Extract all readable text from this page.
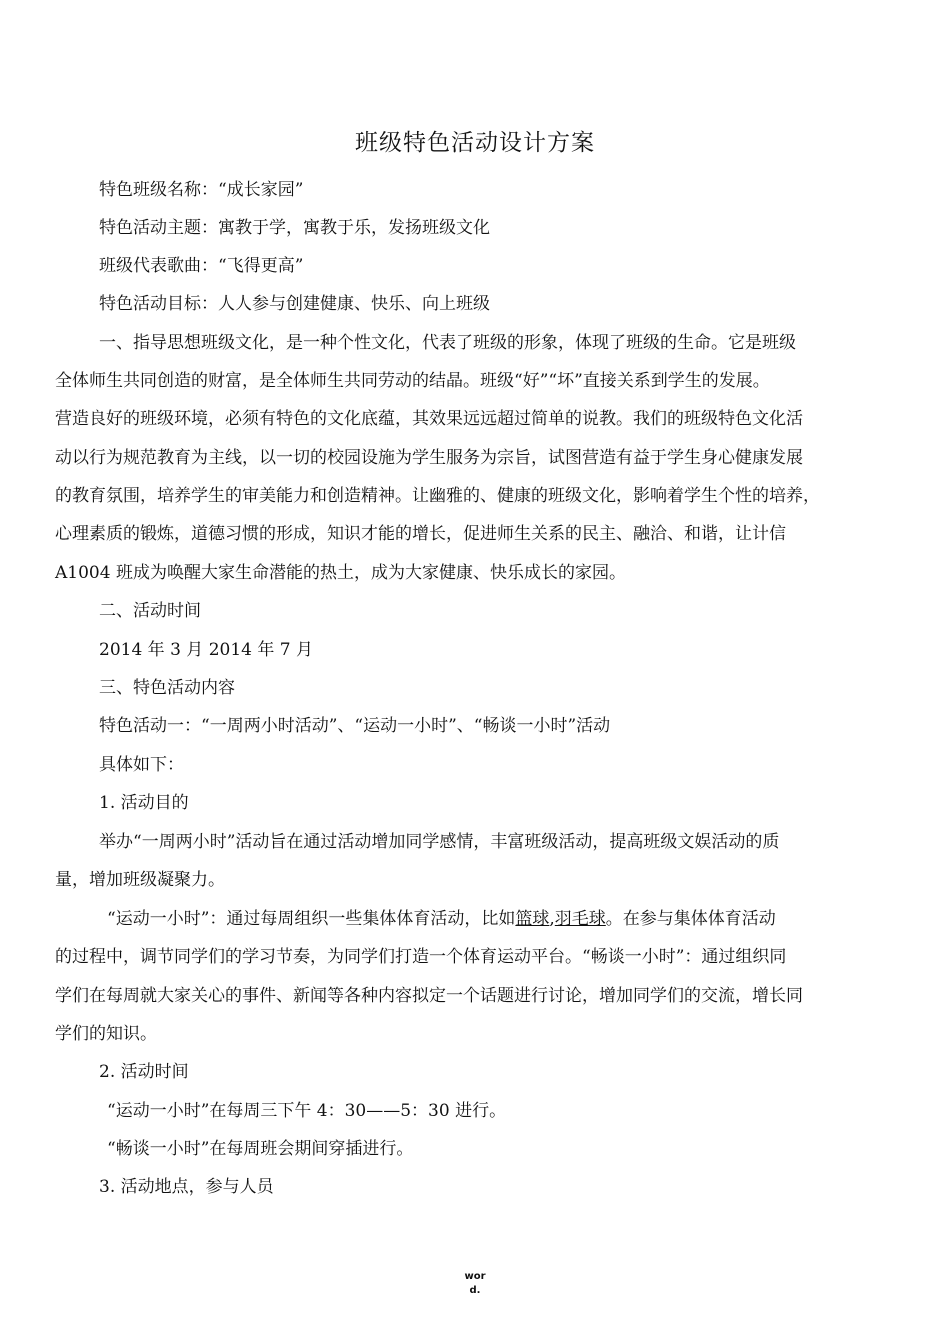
班级特色活动设计方案
特色班级名称：“成长家园”
特色活动主题：寓教于学，寓教于乐，发扬班级文化
班级代表歌曲：“飞得更高”
特色活动目标：人人参与创建健康、快乐、向上班级
一、指导思想班级文化，是一种个性文化，代表了班级的形象，体现了班级的生命。它是班级
全体师生共同创造的财富，是全体师生共同劳动的结晶。班级“好”“坏”直接关系到学生的发展。
营造良好的班级环境，必须有特色的文化底蕴，其效果远远超过简单的说教。我们的班级特色文化活
动以行为规范教育为主线，以一切的校园设施为学生服务为宗旨，试图营造有益于学生身心健康发展
的教育氛围，培养学生的审美能力和创造精神。让幽雅的、健康的班级文化，影响着学生个性的培养，
心理素质的锻炼，道德习惯的形成，知识才能的增长，促进师生关系的民主、融洽、和谐，让计信
A1004 班成为唤醒大家生命潜能的热土，成为大家健康、快乐成长的家园。
二、活动时间
2014 年 3 月 2014 年 7 月
三、特色活动内容
特色活动一：“一周两小时活动”、“运动一小时”、“畅谈一小时”活动
具体如下：
1. 活动目的
举办“一周两小时”活动旨在通过活动增加同学感情，丰富班级活动，提高班级文娱活动的质
量，增加班级凝聚力。
“运动一小时”：通过每周组织一些集体体育活动，比如篮球,羽毛球。在参与集体体育活动
的过程中，调节同学们的学习节奏，为同学们打造一个体育运动平台。“畅谈一小时”：通过组织同
学们在每周就大家关心的事件、新闻等各种内容拟定一个话题进行讨论，增加同学们的交流，增长同
学们的知识。
2. 活动时间
“运动一小时”在每周三下午 4：30——5：30 进行。
“畅谈一小时”在每周班会期间穿插进行。
3. 活动地点，参与人员
wor
d.
